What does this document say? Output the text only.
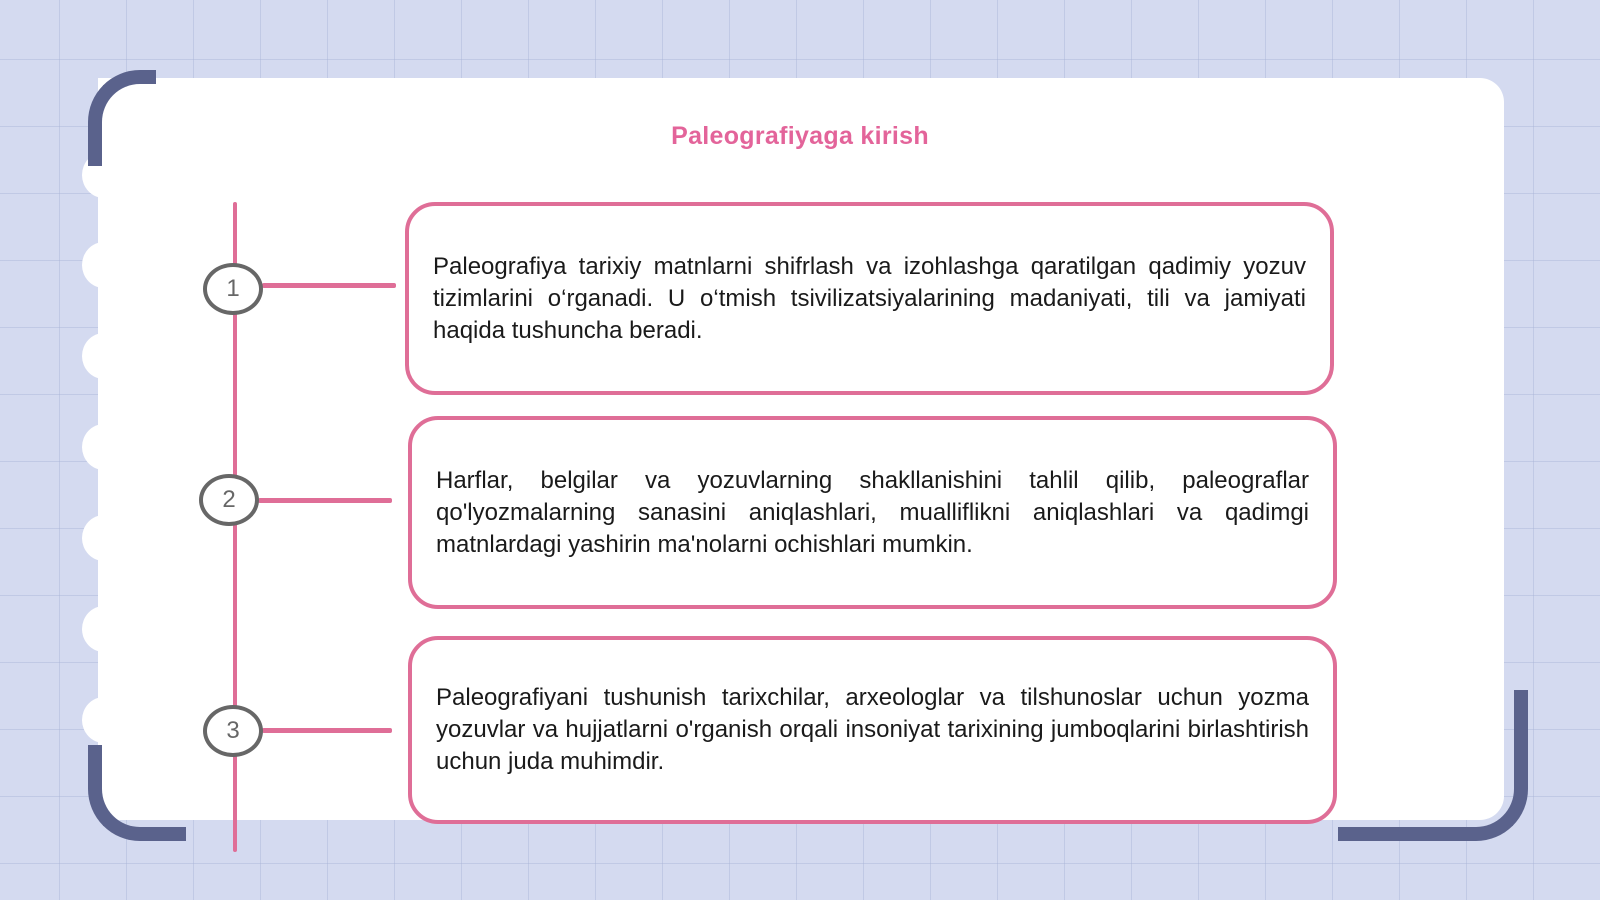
Paleografiyaga kirish
1
2
3

Paleografiya tarixiy matnlarni shifrlash va izohlashga qaratilgan qadimiy yozuv tizimlarini o‘rganadi. U o‘tmish tsivilizatsiyalarining madaniyati, tili va jamiyati haqida tushuncha beradi.

Harflar, belgilar va yozuvlarning shakllanishini tahlil qilib, paleograflar qo'lyozmalarning sanasini aniqlashlari, mualliflikni aniqlashlari va qadimgi matnlardagi yashirin ma'nolarni ochishlari mumkin.

Paleografiyani tushunish tarixchilar, arxeologlar va tilshunoslar uchun yozma yozuvlar va hujjatlarni o'rganish orqali insoniyat tarixining jumboqlarini birlashtirish uchun juda muhimdir.
